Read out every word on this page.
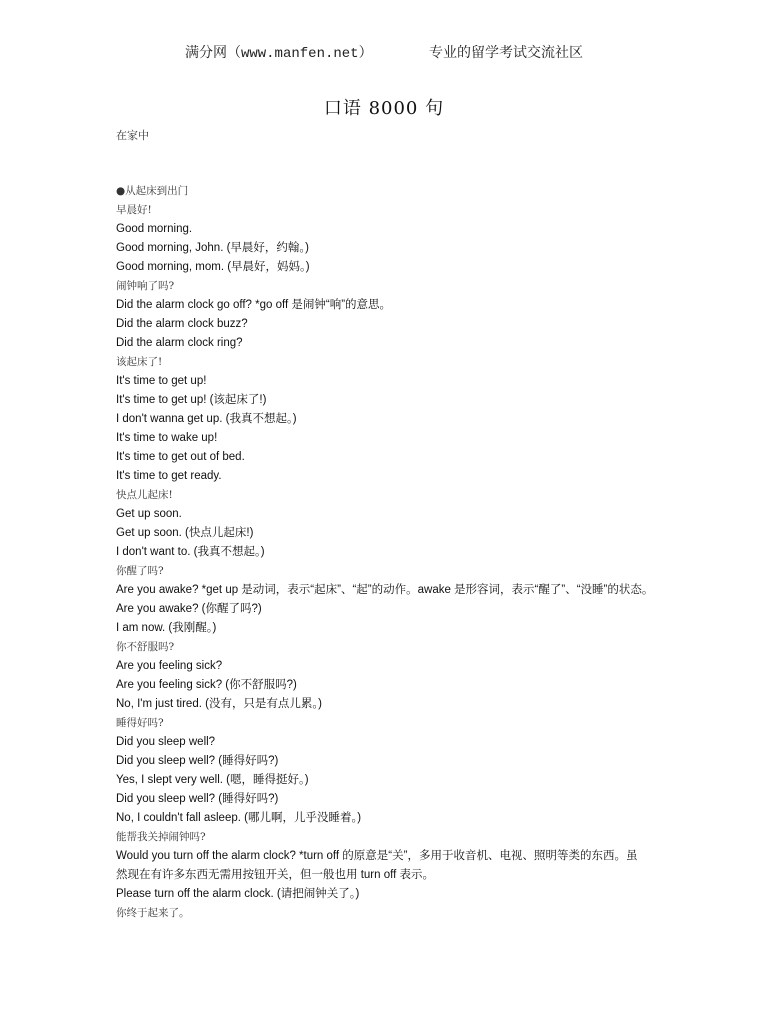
满分网（www.manfen.net）	专业的留学考试交流社区
口语 8000 句
在家中
●从起床到出门
早晨好!
Good morning.
Good morning, John. (早晨好，约翰。)
Good morning, mom. (早晨好，妈妈。)
闹钟响了吗?
Did the alarm clock go off? *go off 是闹钟“响”的意思。
Did the alarm clock buzz?
Did the alarm clock ring?
该起床了!
It's time to get up!
It's time to get up! (该起床了!)
I don't wanna get up. (我真不想起。)
It's time to wake up!
It's time to get out of bed.
It's time to get ready.
快点儿起床!
Get up soon.
Get up soon. (快点儿起床!)
I don't want to. (我真不想起。)
你醒了吗?
Are you awake? *get up 是动词，表示“起床”、“起”的动作。awake 是形容词，表示“醒了”、“没睡”的状态。
Are you awake? (你醒了吗?)
I am now. (我刚醒。)
你不舒服吗?
Are you feeling sick?
Are you feeling sick? (你不舒服吗?)
No, I'm just tired. (没有，只是有点儿累。)
睡得好吗?
Did you sleep well?
Did you sleep well? (睡得好吗?)
Yes, I slept very well. (嗯，睡得挺好。)
Did you sleep well? (睡得好吗?)
No, I couldn't fall asleep. (哪儿啊，儿乎没睡着。)
能帮我关掉闹钟吗?
Would you turn off the alarm clock? *turn off 的原意是“关”，多用于收音机、电视、照明等类的东西。虽
然现在有许多东西无需用按钮开关，但一般也用 turn off 表示。
Please turn off the alarm clock. (请把闹钟关了。)
你终于起来了。
